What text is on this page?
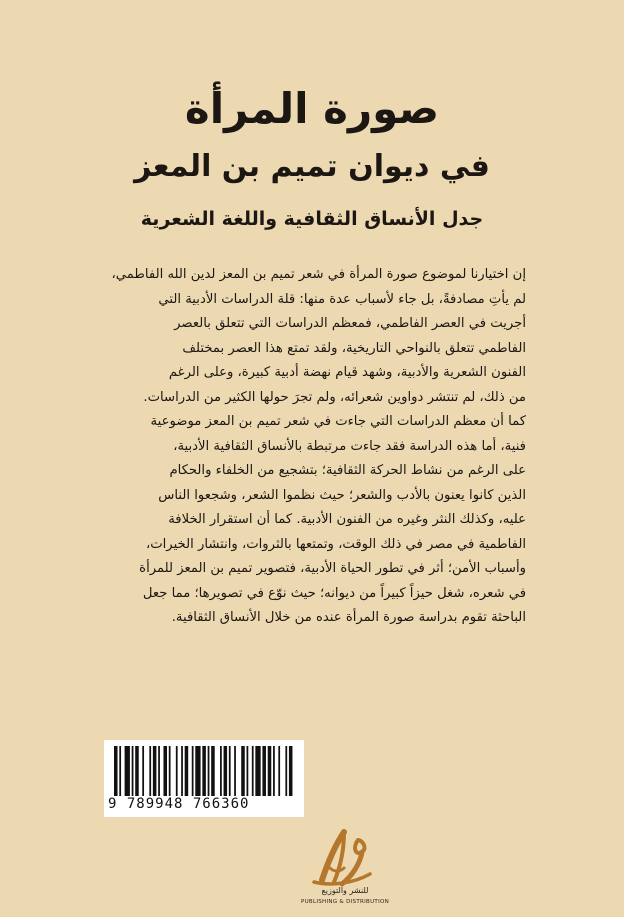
صورة المرأة
في ديوان تميم بن المعز
جدل الأنساق الثقافية واللغة الشعرية
إن اختيارنا لموضوع صورة المرأة في شعر تميم بن المعز لدين الله الفاطمي،
لم يأتِ مصادفةً، بل جاء لأسباب عدة منها: قلة الدراسات الأدبية التي
أجريت في العصر الفاطمي، فمعظم الدراسات التي تتعلق بالعصر
الفاطمي تتعلق بالنواحي التاريخية، ولقد تمتع هذا العصر بمختلف
الفنون الشعرية والأدبية، وشهد قيام نهضة أدبية كبيرة، وعلى الرغم
من ذلك، لم تنتشر دواوين شعرائه، ولم تجرَ حولها الكثير من الدراسات.
كما أن معظم الدراسات التي جاءت في شعر تميم بن المعز موضوعية
فنية، أما هذه الدراسة فقد جاءت مرتبطة بالأنساق الثقافية الأدبية،
على الرغم من نشاط الحركة الثقافية؛ بتشجيع من الخلفاء والحكام
الذين كانوا يعنون بالأدب والشعر؛ حيث نظموا الشعر، وشجعوا الناس
عليه، وكذلك النثر وغيره من الفنون الأدبية. كما أن استقرار الخلافة
الفاطمية في مصر في ذلك الوقت، وتمتعها بالثروات، وانتشار الخيرات،
وأسباب الأمن؛ أثر في تطور الحياة الأدبية، فتصوير تميم بن المعز للمرأة
في شعره، شغل حيزاً كبيراً من ديوانه؛ حيث نوّع في تصويرها؛ مما جعل
الباحثة تقوم بدراسة صورة المرأة عنده من خلال الأنساق الثقافية.
9 789948 766360
للنشر والتوزيع
PUBLISHING & DISTRIBUTION
